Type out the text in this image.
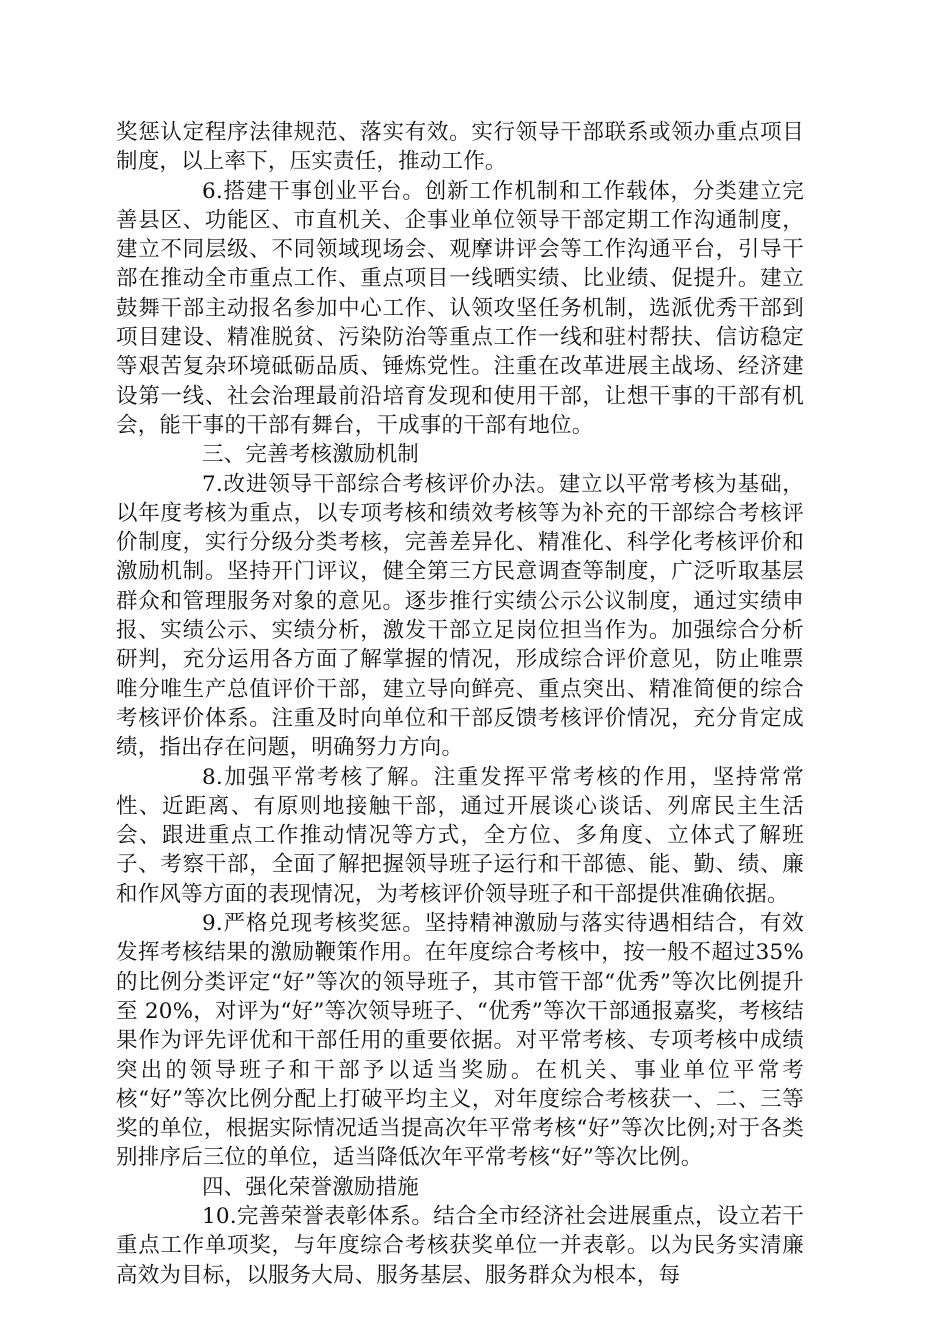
奖惩认定程序法律规范、落实有效。实行领导干部联系或领办重点项目制度，以上率下，压实责任，推动工作。

6.搭建干事创业平台。创新工作机制和工作载体，分类建立完善县区、功能区、市直机关、企事业单位领导干部定期工作沟通制度，建立不同层级、不同领域现场会、观摩讲评会等工作沟通平台，引导干部在推动全市重点工作、重点项目一线晒实绩、比业绩、促提升。建立鼓舞干部主动报名参加中心工作、认领攻坚任务机制，选派优秀干部到项目建设、精准脱贫、污染防治等重点工作一线和驻村帮扶、信访稳定等艰苦复杂环境砥砺品质、锤炼党性。注重在改革进展主战场、经济建设第一线、社会治理最前沿培育发现和使用干部，让想干事的干部有机会，能干事的干部有舞台，干成事的干部有地位。

三、完善考核激励机制

7.改进领导干部综合考核评价办法。建立以平常考核为基础，以年度考核为重点，以专项考核和绩效考核等为补充的干部综合考核评价制度，实行分级分类考核，完善差异化、精准化、科学化考核评价和激励机制。坚持开门评议，健全第三方民意调查等制度，广泛听取基层群众和管理服务对象的意见。逐步推行实绩公示公议制度，通过实绩申报、实绩公示、实绩分析，激发干部立足岗位担当作为。加强综合分析研判，充分运用各方面了解掌握的情况，形成综合评价意见，防止唯票唯分唯生产总值评价干部，建立导向鲜亮、重点突出、精准简便的综合考核评价体系。注重及时向单位和干部反馈考核评价情况，充分肯定成绩，指出存在问题，明确努力方向。

8.加强平常考核了解。注重发挥平常考核的作用，坚持常常性、近距离、有原则地接触干部，通过开展谈心谈话、列席民主生活会、跟进重点工作推动情况等方式，全方位、多角度、立体式了解班子、考察干部，全面了解把握领导班子运行和干部德、能、勤、绩、廉和作风等方面的表现情况，为考核评价领导班子和干部提供准确依据。

9.严格兑现考核奖惩。坚持精神激励与落实待遇相结合，有效发挥考核结果的激励鞭策作用。在年度综合考核中，按一般不超过35%的比例分类评定“好”等次的领导班子，其市管干部“优秀”等次比例提升至 20%，对评为“好”等次领导班子、“优秀”等次干部通报嘉奖，考核结果作为评先评优和干部任用的重要依据。对平常考核、专项考核中成绩突出的领导班子和干部予以适当奖励。在机关、事业单位平常考核“好”等次比例分配上打破平均主义，对年度综合考核获一、二、三等奖的单位，根据实际情况适当提高次年平常考核“好”等次比例;对于各类别排序后三位的单位，适当降低次年平常考核“好”等次比例。

四、强化荣誉激励措施

10.完善荣誉表彰体系。结合全市经济社会进展重点，设立若干重点工作单项奖，与年度综合考核获奖单位一并表彰。以为民务实清廉高效为目标，以服务大局、服务基层、服务群众为根本，每
